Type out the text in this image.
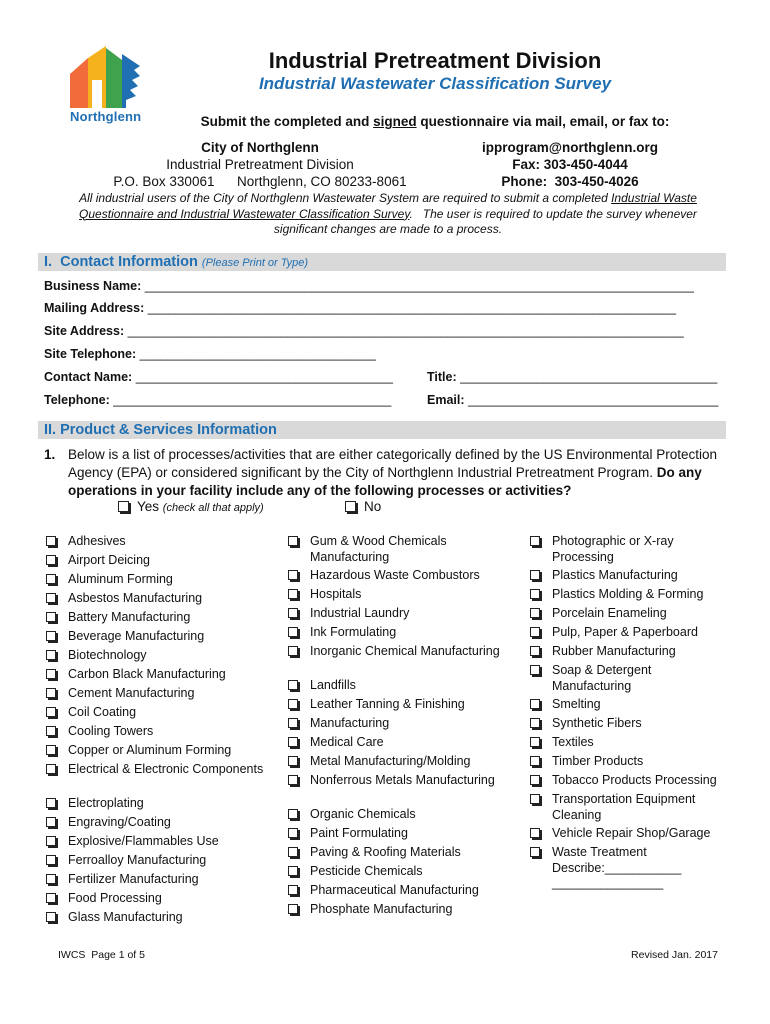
Northglenn
Industrial Pretreatment Division
Industrial Wastewater Classification Survey
Submit the completed and signed questionnaire via mail, email, or fax to:
City of Northglenn
Industrial Pretreatment Division
P.O. Box 330061      Northglenn, CO 80233-8061
ipprogram@northglenn.org
Fax: 303-450-4044
Phone:  303-450-4026
All industrial users of the City of Northglenn Wastewater System are required to submit a completed Industrial Waste Questionnaire and Industrial Wastewater Classification Survey.   The user is required to update the survey whenever significant changes are made to a process.
I. Contact Information (Please Print or Type)
Business Name: _______________________________________________________________________________
Mailing Address: ____________________________________________________________________________
Site Address: ________________________________________________________________________________
Site Telephone: __________________________________
Contact Name: _____________________________________	Title: _____________________________________
Telephone: ________________________________________	Email: ____________________________________
II. Product & Services Information
1. Below is a list of processes/activities that are either categorically defined by the US Environmental Protection Agency (EPA) or considered significant by the City of Northglenn Industrial Pretreatment Program. Do any operations in your facility include any of the following processes or activities?
Yes (check all that apply)	No
Adhesives
Airport Deicing
Aluminum Forming
Asbestos Manufacturing
Battery Manufacturing
Beverage Manufacturing
Biotechnology
Carbon Black Manufacturing
Cement Manufacturing
Coil Coating
Cooling Towers
Copper or Aluminum Forming
Electrical & Electronic Components
Electroplating
Engraving/Coating
Explosive/Flammables Use
Ferroalloy Manufacturing
Fertilizer Manufacturing
Food Processing
Glass Manufacturing
Gum & Wood Chemicals Manufacturing
Hazardous Waste Combustors
Hospitals
Industrial Laundry
Ink Formulating
Inorganic Chemical Manufacturing
Landfills
Leather Tanning & Finishing
Manufacturing
Medical Care
Metal Manufacturing/Molding
Nonferrous Metals Manufacturing
Organic Chemicals
Paint Formulating
Paving & Roofing Materials
Pesticide Chemicals
Pharmaceutical Manufacturing
Phosphate Manufacturing
Photographic or X-ray Processing
Plastics Manufacturing
Plastics Molding & Forming
Porcelain Enameling
Pulp, Paper & Paperboard
Rubber Manufacturing
Soap & Detergent Manufacturing
Smelting
Synthetic Fibers
Textiles
Timber Products
Tobacco Products Processing
Transportation Equipment Cleaning
Vehicle Repair Shop/Garage
Waste Treatment Describe:___________ ________________
IWCS  Page 1 of 5	Revised Jan. 2017
